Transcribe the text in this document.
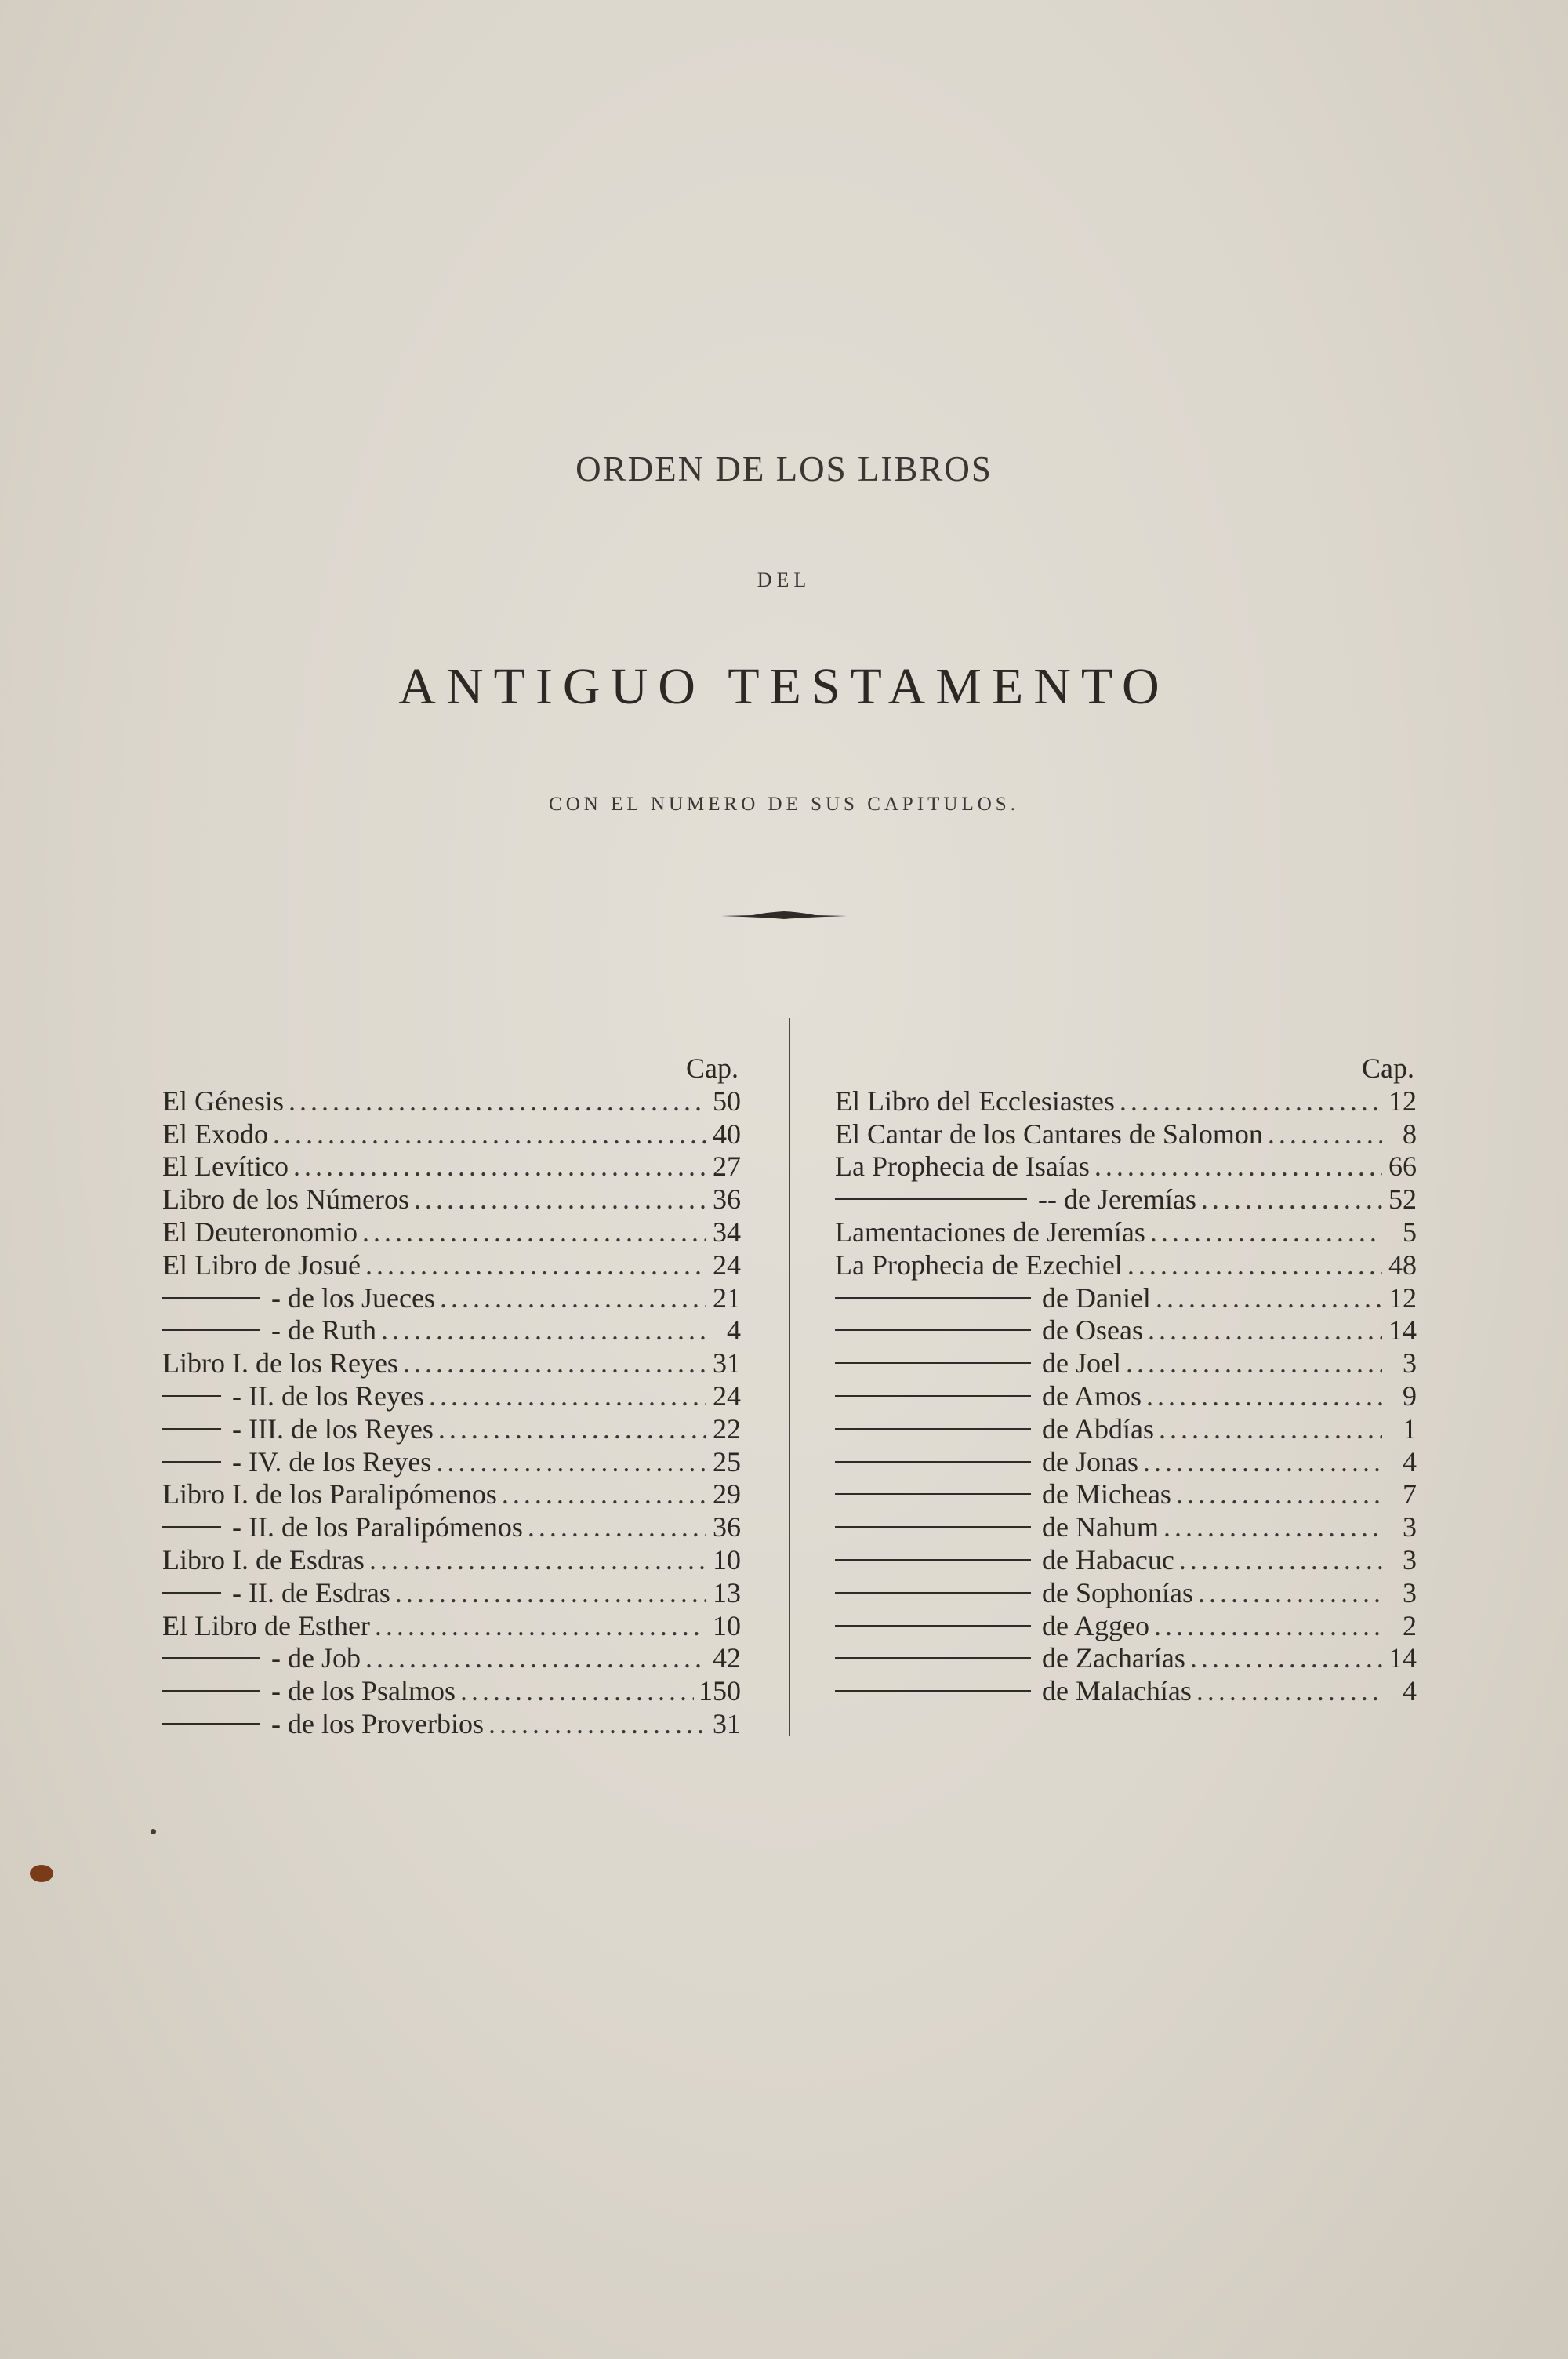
ORDEN DE LOS LIBROS
DEL
ANTIGUO TESTAMENTO
CON EL NUMERO DE SUS CAPITULOS.
Cap.
El Génesis .....	50
El Exodo .....	40
El Levítico .....	27
Libro de los Números .....	36
El Deuteronomio .....	34
El Libro de Josué .....	24
- de los Jueces .....	21
- de Ruth .....	4
Libro I. de los Reyes .....	31
- II. de los Reyes .....	24
- III. de los Reyes .....	22
- IV. de los Reyes .....	25
Libro I. de los Paralipómenos .....	29
- II. de los Paralipómenos .....	36
Libro I. de Esdras .....	10
- II. de Esdras .....	13
El Libro de Esther .....	10
- de Job .....	42
- de los Psalmos .....	150
- de los Proverbios .....	31
Cap.
El Libro del Ecclesiastes .....	12
El Cantar de los Cantares de Salomon .....	8
La Prophecia de Isaías .....	66
-- de Jeremías .....	52
Lamentaciones de Jeremías .....	5
La Prophecia de Ezechiel .....	48
de Daniel .....	12
de Oseas .....	14
de Joel .....	3
de Amos .....	9
de Abdías .....	1
de Jonas .....	4
de Micheas .....	7
de Nahum .....	3
de Habacuc .....	3
de Sophonías .....	3
de Aggeo .....	2
de Zacharías .....	14
de Malachías .....	4
